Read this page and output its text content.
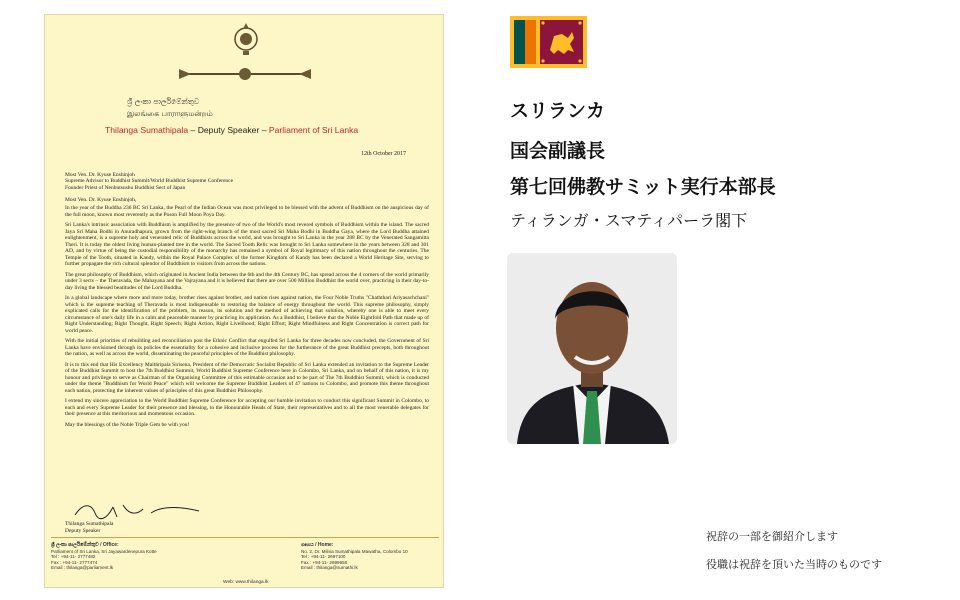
ශ්‍රී ලංකා පාර්ලිමේන්තුව
இலங்கை பாராளுமன்றம்
Thilanga Sumathipala – Deputy Speaker – Parliament of Sri Lanka
12th October 2017
Most Ven. Dr. Kyuse Enshinjoh
Supreme Advisor to Buddhist Summit/World Buddhist Supreme Conference
Founder Priest of Nenbutsushu Buddhist Sect of Japan
Most Ven. Dr. Kyuse Enshinjoh,

In the year of the Buddha 236 BC Sri Lanka, the Pearl of the Indian Ocean was most privileged to be blessed with the advent of Buddhism on the auspicious day of the full moon, known most reverently as the Poson Full Moon Poya Day.

Sri Lanka's intrinsic association with Buddhism is amplified by the presence of two of the World's most revered symbols of Buddhism within the island. The sacred Jaya Sri Maha Bodhi in Anuradhapura, grown from the right-wing branch of the most sacred Sri Maha Bodhi in Buddha Gaya, where the Lord Buddha attained enlightenment, is a supreme holy and venerated relic of Buddhists across the world, and was brought to Sri Lanka in the year 288 BC by the Venerated Sangamitta Theri. It is today the oldest living human-planted tree in the world. The Sacred Tooth Relic was brought to Sri Lanka somewhere in the years between 328 and 301 AD, and by virtue of being the custodial responsibility of the monarchy has remained a symbol of Royal legitimacy of this nation throughout the centuries. The Temple of the Tooth, situated in Kandy, within the Royal Palace Complex of the former Kingdom of Kandy has been declared a World Heritage Site, serving to further propagate the rich cultural splendor of Buddhism to visitors from across the nations.

The great philosophy of Buddhism, which originated in Ancient India between the 6th and the 4th Century BC, has spread across the 4 corners of the world primarily under 3 sects – the Theravada, the Mahayana and the Vajrayana and it is believed that there are over 500 Million Buddhist the world over, practicing in their day-to-day living the blessed beatitudes of the Lord Buddha.

In a global landscape where more and more today, brother rises against brother, and nation rises against nation, the Four Noble Truths "Chaththari Ariyasachchani" which is the supreme teaching of Theravada is most indispensable to restoring the balance of energy throughout the world. This supreme philosophy, simply explicated calls for the identification of the problem, its reason, its solution and the method of achieving that solution, whereby one is able to meet every circumstance of one's daily life in a calm and peaceable manner by practicing its application. As a Buddhist, I believe that the Noble Eightfold Path that made up of Right Understanding; Right Thought, Right Speech; Right Action, Right Livelihood; Right Effort; Right Mindfulness and Right Concentration is correct path for world peace.

With the initial priorities of rebuilding and reconciliation post the Ethnic Conflict that engulfed Sri Lanka for three decades now concluded, the Government of Sri Lanka have envisioned through its policies the essentiality for a cohesive and inclusive process for the furtherance of the great Buddhist precepts, both throughout the nation, as well as across the world, disseminating the peaceful principles of the Buddhist philosophy.

It is to this end that His Excellency Maithripala Sirisena, President of the Democratic Socialist Republic of Sri Lanka extended an invitation to the Supreme Leader of the Buddhist Summit to host the 7th Buddhist Summit, World Buddhist Supreme Conference here in Colombo, Sri Lanka, and on behalf of this nation, it is my honour and privilege to serve as Chairman of the Organising Committee of this estimable occasion and to be part of The 7th Buddhist Summit, which is conducted under the theme "Buddhism for World Peace" which will welcome the Supreme Buddhist Leaders of 47 nations to Colombo, and promote this theme throughout each nation, protecting the inherent values of principles of this great Buddhist Philosophy.

I extend my sincere appreciation to the World Buddhist Supreme Conference for accepting our humble invitation to conduct this significant Summit in Colombo, to each and every Supreme Leader for their presence and blessing, to the Honourable Heads of State, their representatives and to all the most venerable delegates for their presence at this meritorious and momentous occasion.

May the blessings of the Noble Triple Gem be with you!

Thilanga Sumathipala
Deputy Speaker
ශ්‍රී ලංකා පාර්ලිමේන්තුව / Office:
Parliament of Sri Lanka, Sri Jayawardenepura Kotte
Tel : +94-11- 2777482
Fax : +94-11- 2777474
Email : thilanga@parliament.lk
ගෘහය / Home:
No. 2, Dr. Milina Sumathipala Mawatha, Colombo 10
Tel : +94-11- 2697100
Fax : +94-11- 2699650
Email : thilanga@sumathi.lk
Web: www.thilanga.lk
スリランカ
国会副議長
第七回佛教サミット実行本部長
ティランガ・スマティパーラ閣下
祝辞の一部を御紹介します
役職は祝辞を頂いた当時のものです
